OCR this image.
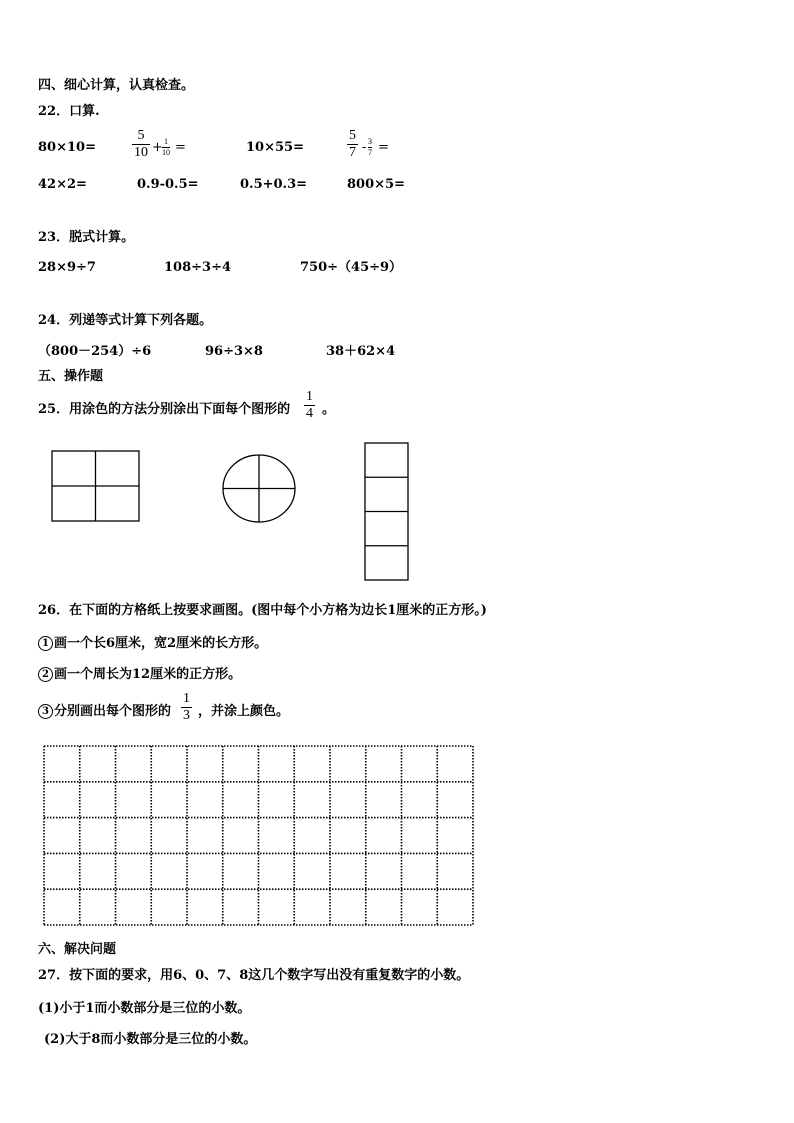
四、细心计算，认真检查。
22．口算.
80×10=
5
10 + 1
10 =	10×55=
5
7 - 3
7 =
42×2=	0.9-0.5=	0.5+0.3=	800×5=
23．脱式计算。
28×9÷7	108÷3÷4	750÷（45÷9）
24．列递等式计算下列各题。
（800－254）÷6	96÷3×8	38＋62×4
五、操作题
25．用涂色的方法分别涂出下面每个图形的
1
4 。
26．在下面的方格纸上按要求画图。(图中每个小方格为边长1厘米的正方形。)
1 画一个长6厘米，宽2厘米的长方形。
2 画一个周长为12厘米的正方形。
3 分别画出每个图形的
1
3 ，并涂上颜色。
六、解决问题
27．按下面的要求，用6、0、7、8这几个数字写出没有重复数字的小数。
(1)小于1而小数部分是三位的小数。
(2)大于8而小数部分是三位的小数。
